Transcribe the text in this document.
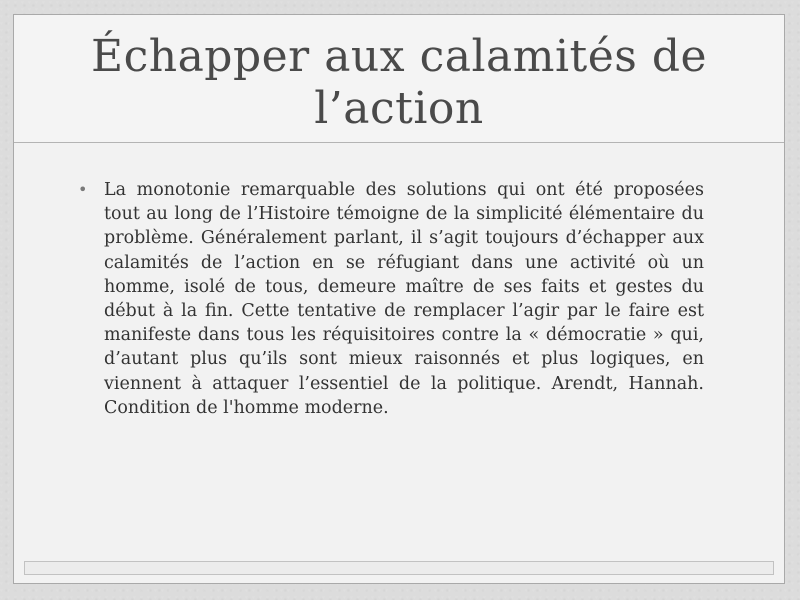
Échapper aux calamités de
l’action
• La monotonie remarquable des solutions qui ont été proposées tout au long de l’Histoire témoigne de la simplicité élémentaire du problème. Généralement parlant, il s’agit toujours d’échapper aux calamités de l’action en se réfugiant dans une activité où un homme, isolé de tous, demeure maître de ses faits et gestes du début à la fin. Cette tentative de remplacer l’agir par le faire est manifeste dans tous les réquisitoires contre la « démocratie » qui, d’autant plus qu’ils sont mieux raisonnés et plus logiques, en viennent à attaquer l’essentiel de la politique. Arendt, Hannah. Condition de l'homme moderne.
